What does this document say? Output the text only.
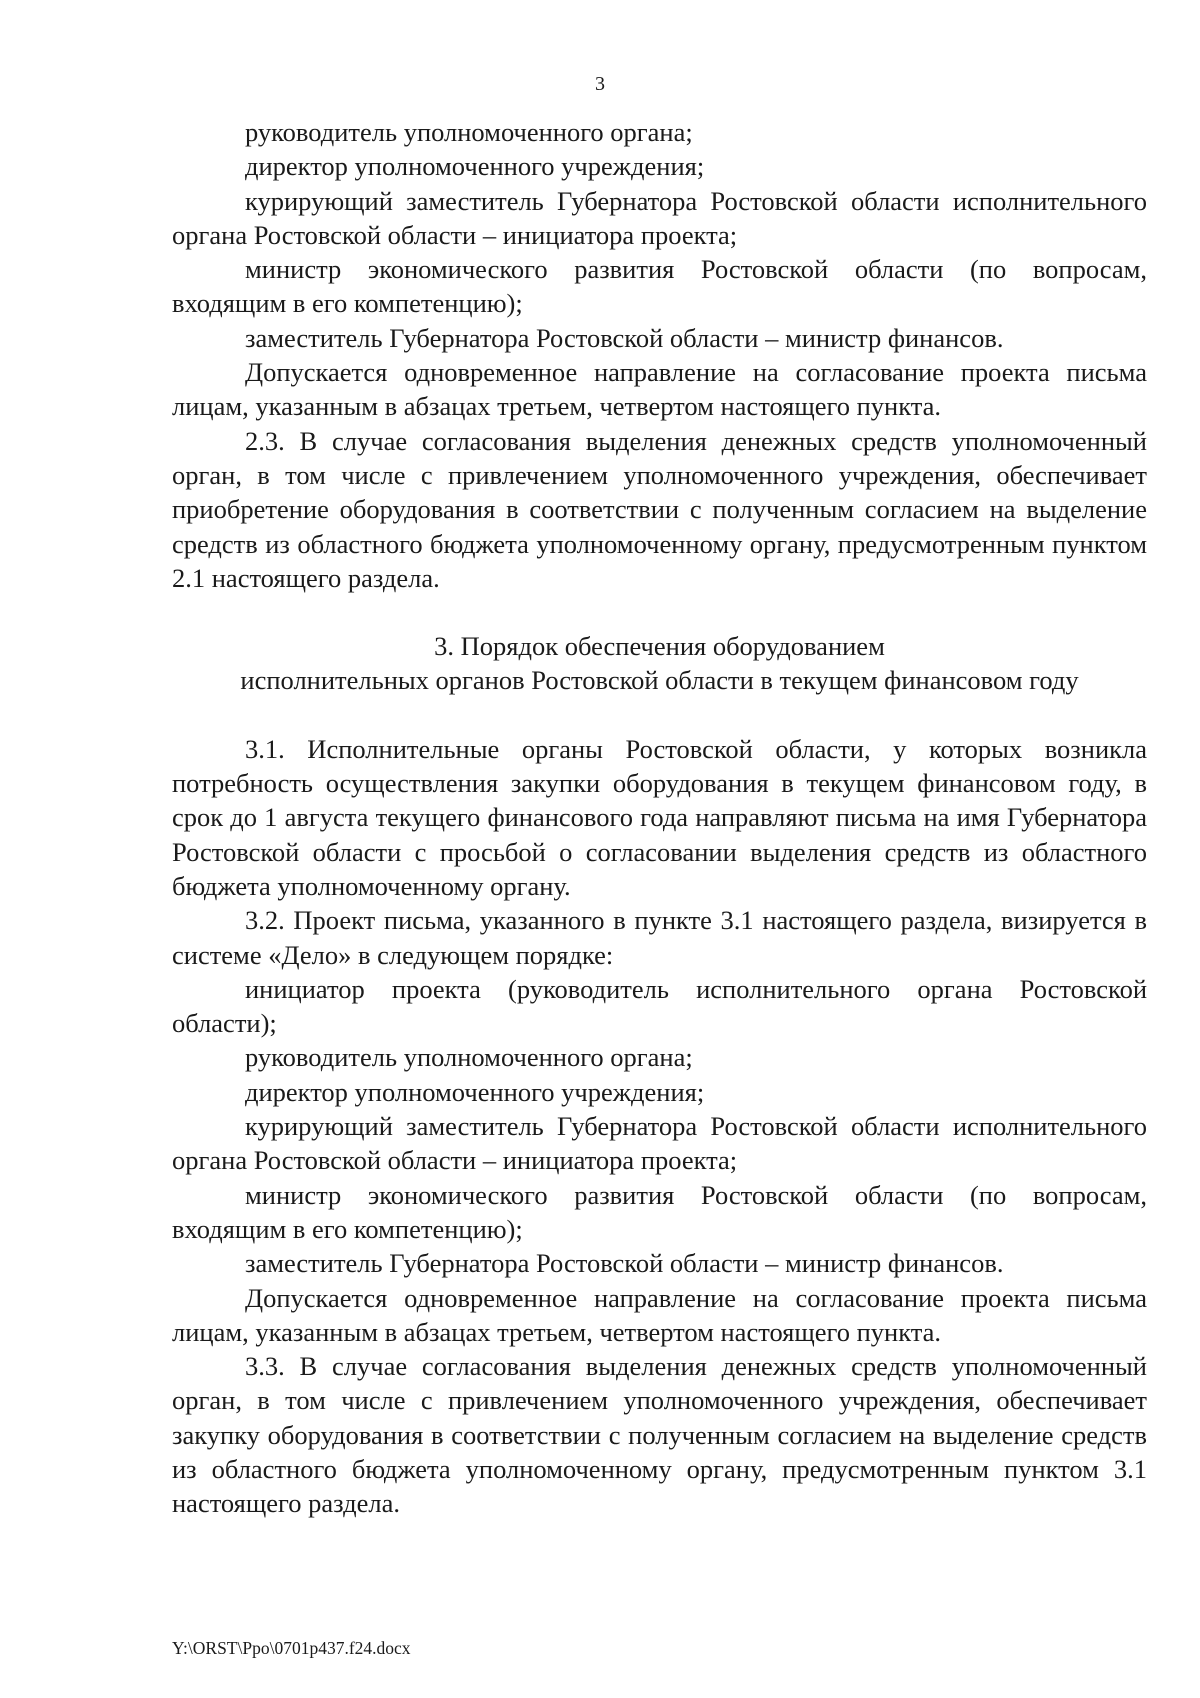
3

руководитель уполномоченного органа;

директор уполномоченного учреждения;

курирующий заместитель Губернатора Ростовской области исполнительного органа Ростовской области – инициатора проекта;

министр экономического развития Ростовской области (по вопросам, входящим в его компетенцию);

заместитель Губернатора Ростовской области – министр финансов.

Допускается одновременное направление на согласование проекта письма лицам, указанным в абзацах третьем, четвертом настоящего пункта.

2.3. В случае согласования выделения денежных средств уполномоченный орган, в том числе с привлечением уполномоченного учреждения, обеспечивает приобретение оборудования в соответствии с полученным согласием на выделение средств из областного бюджета уполномоченному органу, предусмотренным пунктом 2.1 настоящего раздела.

3. Порядок обеспечения оборудованием
исполнительных органов Ростовской области в текущем финансовом году

3.1. Исполнительные органы Ростовской области, у которых возникла потребность осуществления закупки оборудования в текущем финансовом году, в срок до 1 августа текущего финансового года направляют письма на имя Губернатора Ростовской области с просьбой о согласовании выделения средств из областного бюджета уполномоченному органу.

3.2. Проект письма, указанного в пункте 3.1 настоящего раздела, визируется в системе «Дело» в следующем порядке:

инициатор проекта (руководитель исполнительного органа Ростовской области);

руководитель уполномоченного органа;

директор уполномоченного учреждения;

курирующий заместитель Губернатора Ростовской области исполнительного органа Ростовской области – инициатора проекта;

министр экономического развития Ростовской области (по вопросам, входящим в его компетенцию);

заместитель Губернатора Ростовской области – министр финансов.

Допускается одновременное направление на согласование проекта письма лицам, указанным в абзацах третьем, четвертом настоящего пункта.

3.3. В случае согласования выделения денежных средств уполномоченный орган, в том числе с привлечением уполномоченного учреждения, обеспечивает закупку оборудования в соответствии с полученным согласием на выделение средств из областного бюджета уполномоченному органу, предусмотренным пунктом 3.1 настоящего раздела.

Y:\ORST\Ppo\0701p437.f24.docx
